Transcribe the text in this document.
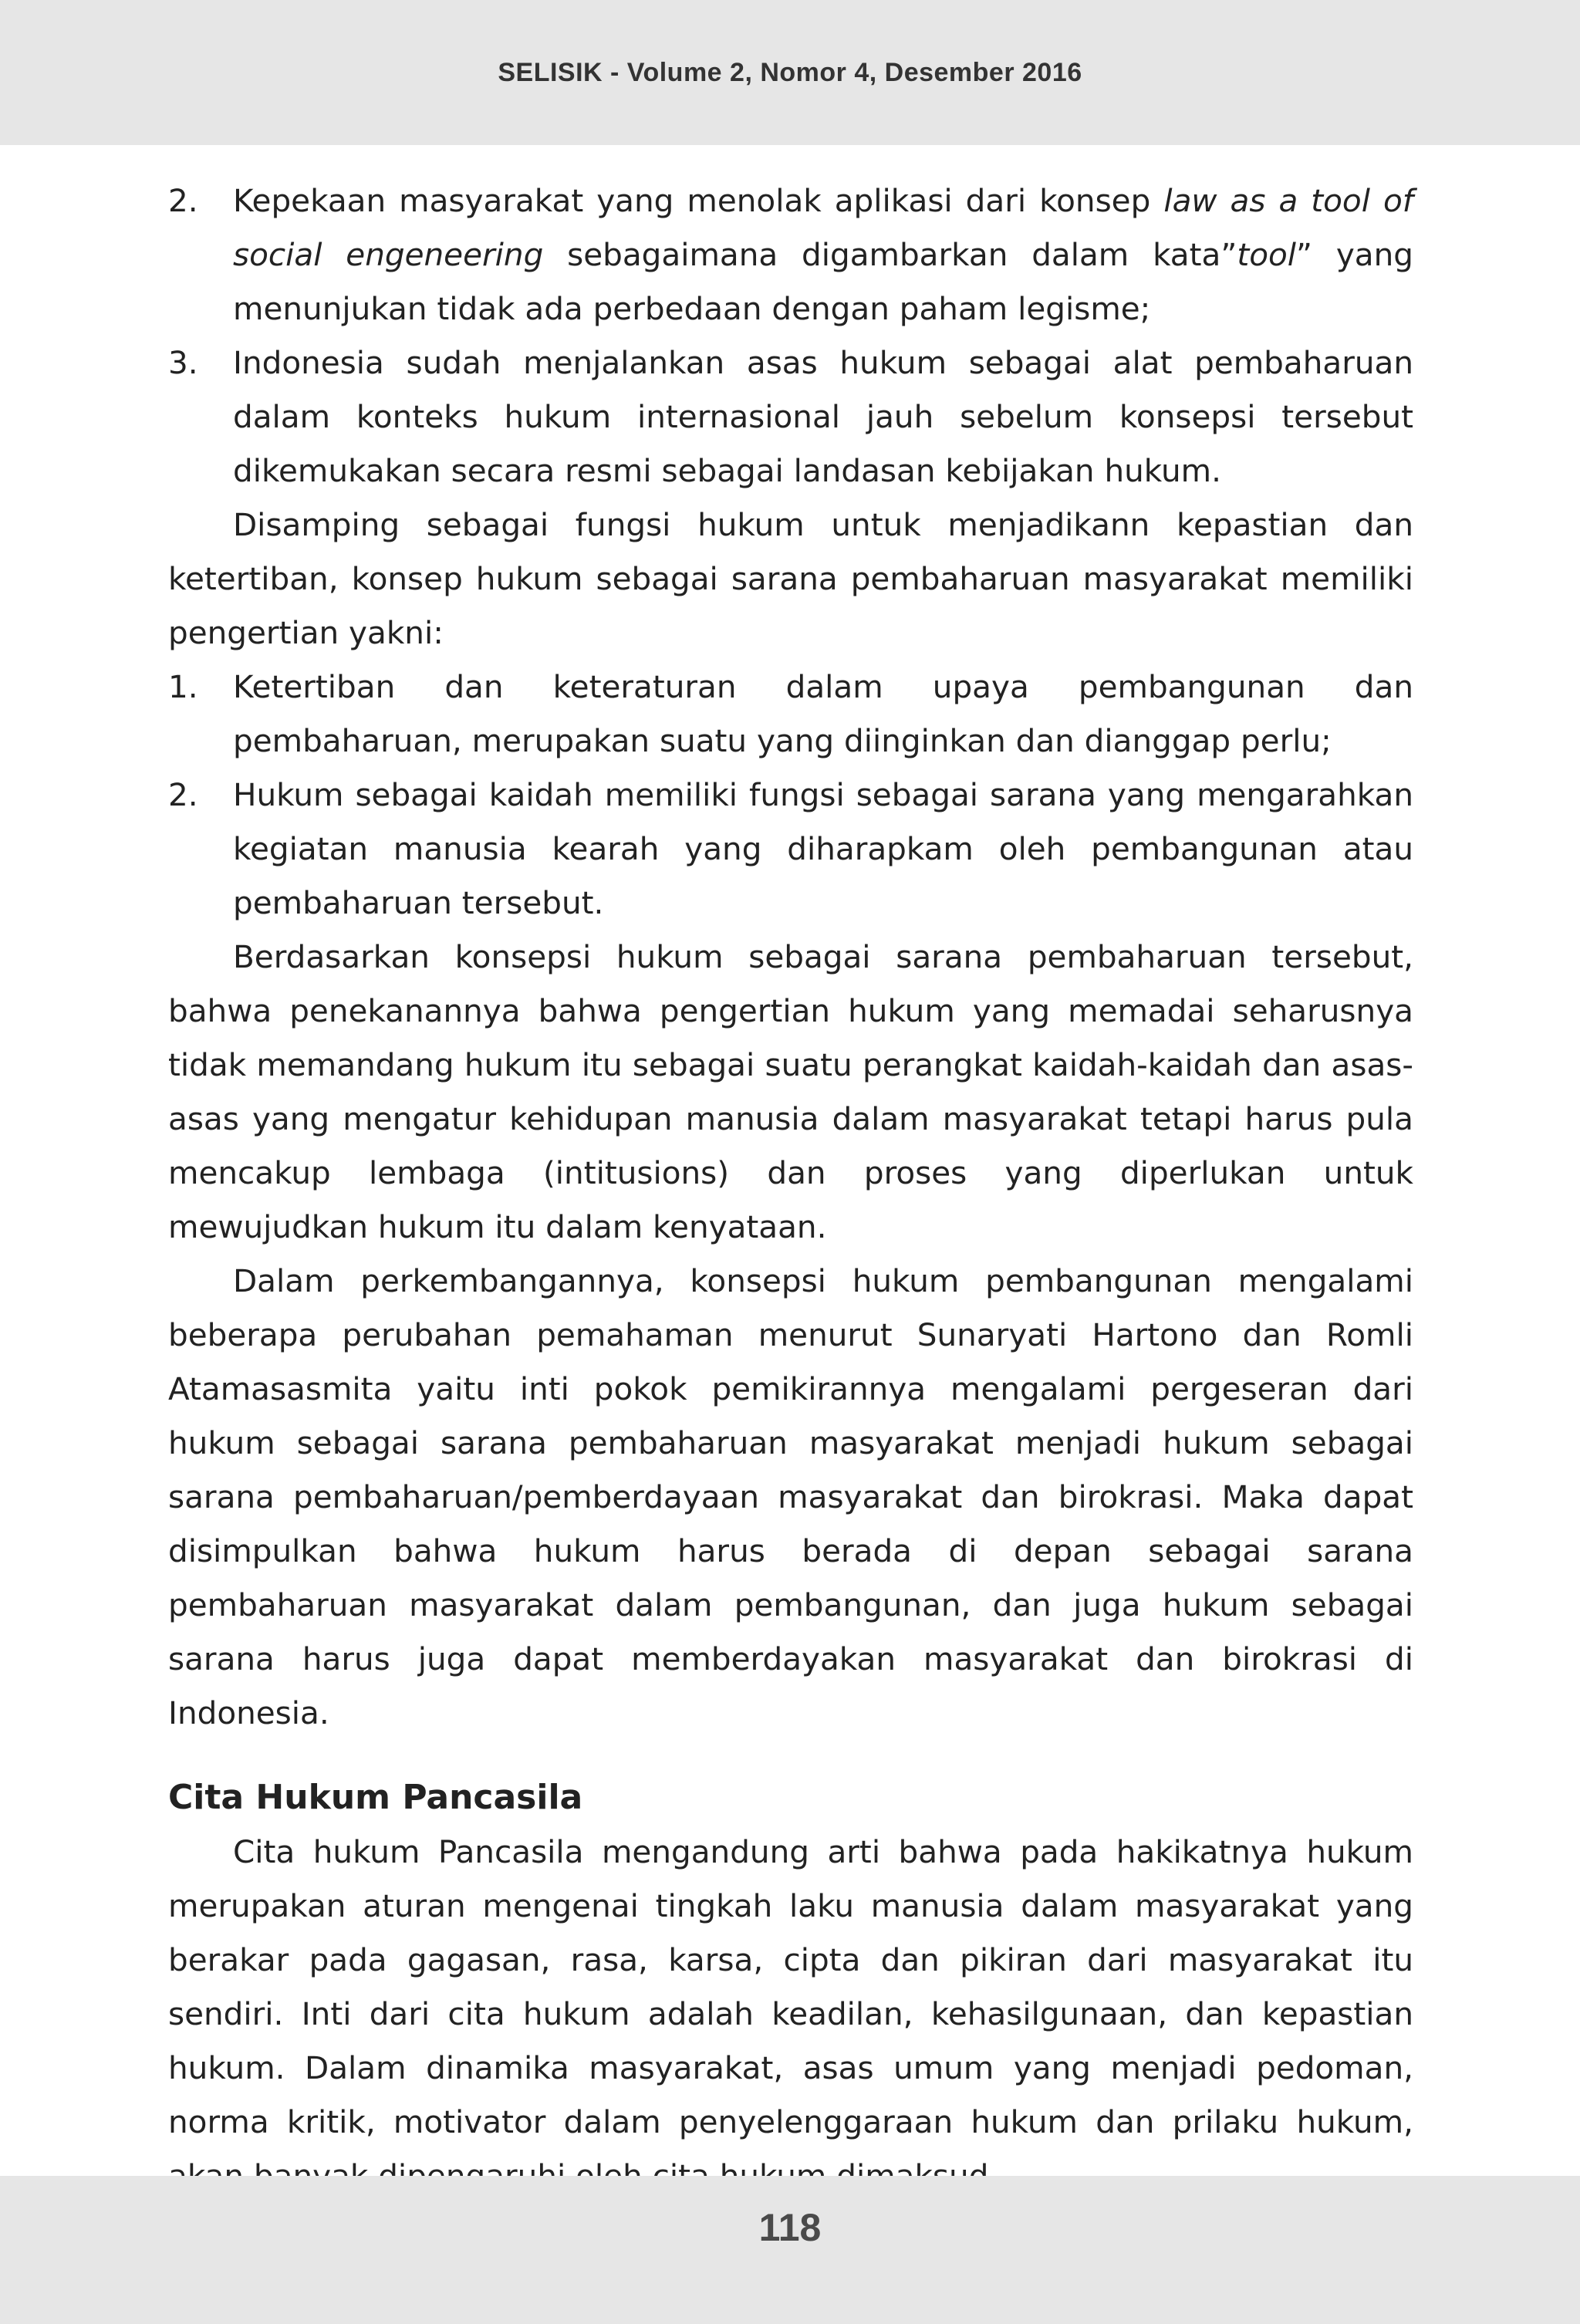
SELISIK - Volume 2, Nomor 4, Desember 2016
2. Kepekaan masyarakat yang menolak aplikasi dari konsep law as a tool of social engeneering sebagaimana digambarkan dalam kata”tool” yang menunjukan tidak ada perbedaan dengan paham legisme;
3. Indonesia sudah menjalankan asas hukum sebagai alat pembaharuan dalam konteks hukum internasional jauh sebelum konsepsi tersebut dikemukakan secara resmi sebagai landasan kebijakan hukum.

Disamping sebagai fungsi hukum untuk menjadikann kepastian dan ketertiban, konsep hukum sebagai sarana pembaharuan masyarakat memiliki pengertian yakni:

1. Ketertiban dan keteraturan dalam upaya pembangunan dan pembaharuan, merupakan suatu yang diinginkan dan dianggap perlu;
2. Hukum sebagai kaidah memiliki fungsi sebagai sarana yang mengarahkan kegiatan manusia kearah yang diharapkam oleh pembangunan atau pembaharuan tersebut.

Berdasarkan konsepsi hukum sebagai sarana pembaharuan tersebut, bahwa penekanannya bahwa pengertian hukum yang memadai seharusnya tidak memandang hukum itu sebagai suatu perangkat kaidah-kaidah dan asas-asas yang mengatur kehidupan manusia dalam masyarakat tetapi harus pula mencakup lembaga (intitusions) dan proses yang diperlukan untuk mewujudkan hukum itu dalam kenyataan.

Dalam perkembangannya, konsepsi hukum pembangunan mengalami beberapa perubahan pemahaman menurut Sunaryati Hartono dan Romli Atamasasmita yaitu inti pokok pemikirannya mengalami pergeseran dari hukum sebagai sarana pembaharuan masyarakat menjadi hukum sebagai sarana pembaharuan/pemberdayaan masyarakat dan birokrasi. Maka dapat disimpulkan bahwa hukum harus berada di depan sebagai sarana pembaharuan masyarakat dalam pembangunan, dan juga hukum sebagai sarana harus juga dapat memberdayakan masyarakat dan birokrasi di Indonesia.

Cita Hukum Pancasila

Cita hukum Pancasila mengandung arti bahwa pada hakikatnya hukum merupakan aturan mengenai tingkah laku manusia dalam masyarakat yang berakar pada gagasan, rasa, karsa, cipta dan pikiran dari masyarakat itu sendiri. Inti dari cita hukum adalah keadilan, kehasilgunaan, dan kepastian hukum. Dalam dinamika masyarakat, asas umum yang menjadi pedoman, norma kritik, motivator dalam penyelenggaraan hukum dan prilaku hukum,

118
